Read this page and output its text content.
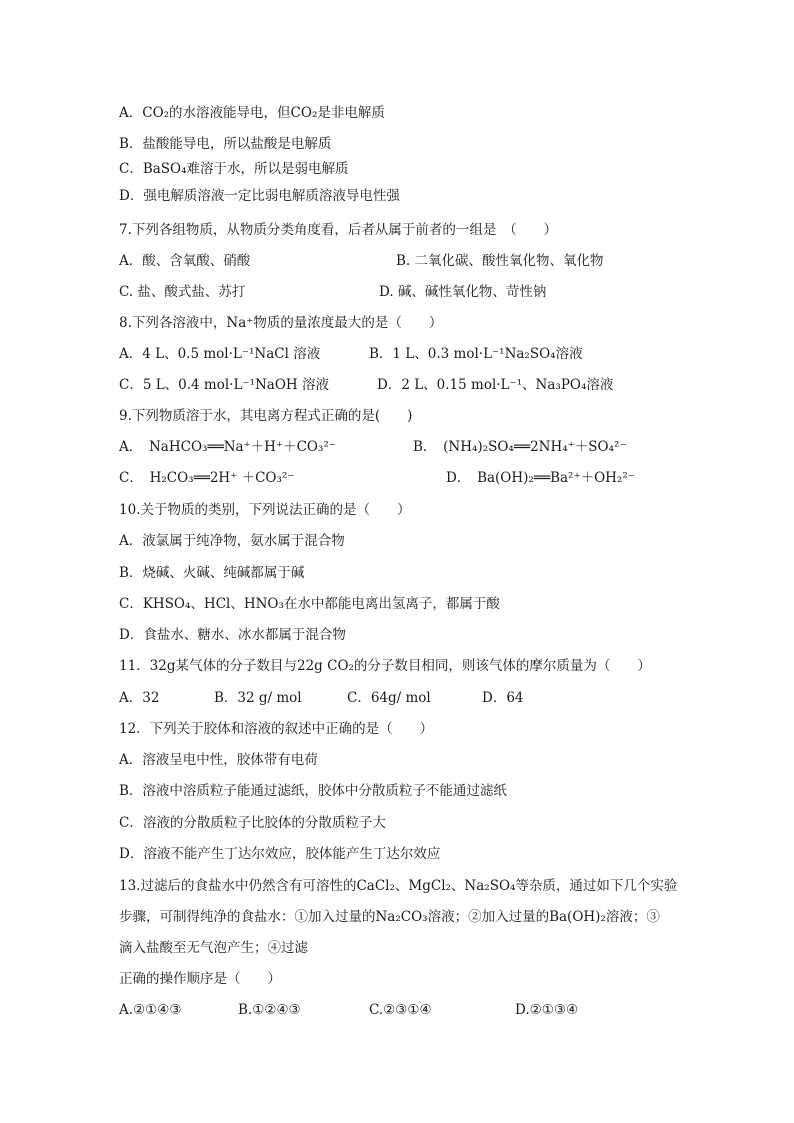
A．CO₂的水溶液能导电，但CO₂是非电解质
B．盐酸能导电，所以盐酸是电解质
C．BaSO₄难溶于水，所以是弱电解质
D．强电解质溶液一定比弱电解质溶液导电性强
7.下列各组物质，从物质分类角度看，后者从属于前者的一组是　（　　）
A．酸、含氧酸、硝酸	B. 二氧化碳、酸性氧化物、氧化物
C. 盐、酸式盐、苏打	D. 碱、碱性氧化物、苛性钠
8.下列各溶液中，Na⁺物质的量浓度最大的是（　　）
A．4 L、0.5 mol·L⁻¹NaCl 溶液	B．1 L、0.3 mol·L⁻¹Na₂SO₄溶液
C．5 L、0.4 mol·L⁻¹NaOH 溶液	D．2 L、0.15 mol·L⁻¹、Na₃PO₄溶液
9.下列物质溶于水，其电离方程式正确的是(　　)
A．　NaHCO₃══Na⁺＋H⁺＋CO₃²⁻	B．　(NH₄)₂SO₄══2NH₄⁺＋SO₄²⁻
C．　H₂CO₃══2H⁺ ＋CO₃²⁻	D．　Ba(OH)₂══Ba²⁺＋OH₂²⁻
10.关于物质的类别，下列说法正确的是（　　）
A．液氯属于纯净物，氨水属于混合物
B．烧碱、火碱、纯碱都属于碱
C．KHSO₄、HCl、HNO₃在水中都能电离出氢离子，都属于酸
D．食盐水、糖水、冰水都属于混合物
11．32g某气体的分子数目与22g CO₂的分子数目相同，则该气体的摩尔质量为（　　）
A．32	B．32 g/ mol	C．64g/ mol	D．64
12．下列关于胶体和溶液的叙述中正确的是（　　）
A．溶液呈电中性，胶体带有电荷
B．溶液中溶质粒子能通过滤纸，胶体中分散质粒子不能通过滤纸
C．溶液的分散质粒子比胶体的分散质粒子大
D．溶液不能产生丁达尔效应，胶体能产生丁达尔效应
13.过滤后的食盐水中仍然含有可溶性的CaCl₂、MgCl₂、Na₂SO₄等杂质，通过如下几个实验
步骤，可制得纯净的食盐水：①加入过量的Na₂CO₃溶液；②加入过量的Ba(OH)₂溶液；③
滴入盐酸至无气泡产生；④过滤
正确的操作顺序是（　　）
A.②①④③	B.①②④③	C.②③①④	D.②①③④
